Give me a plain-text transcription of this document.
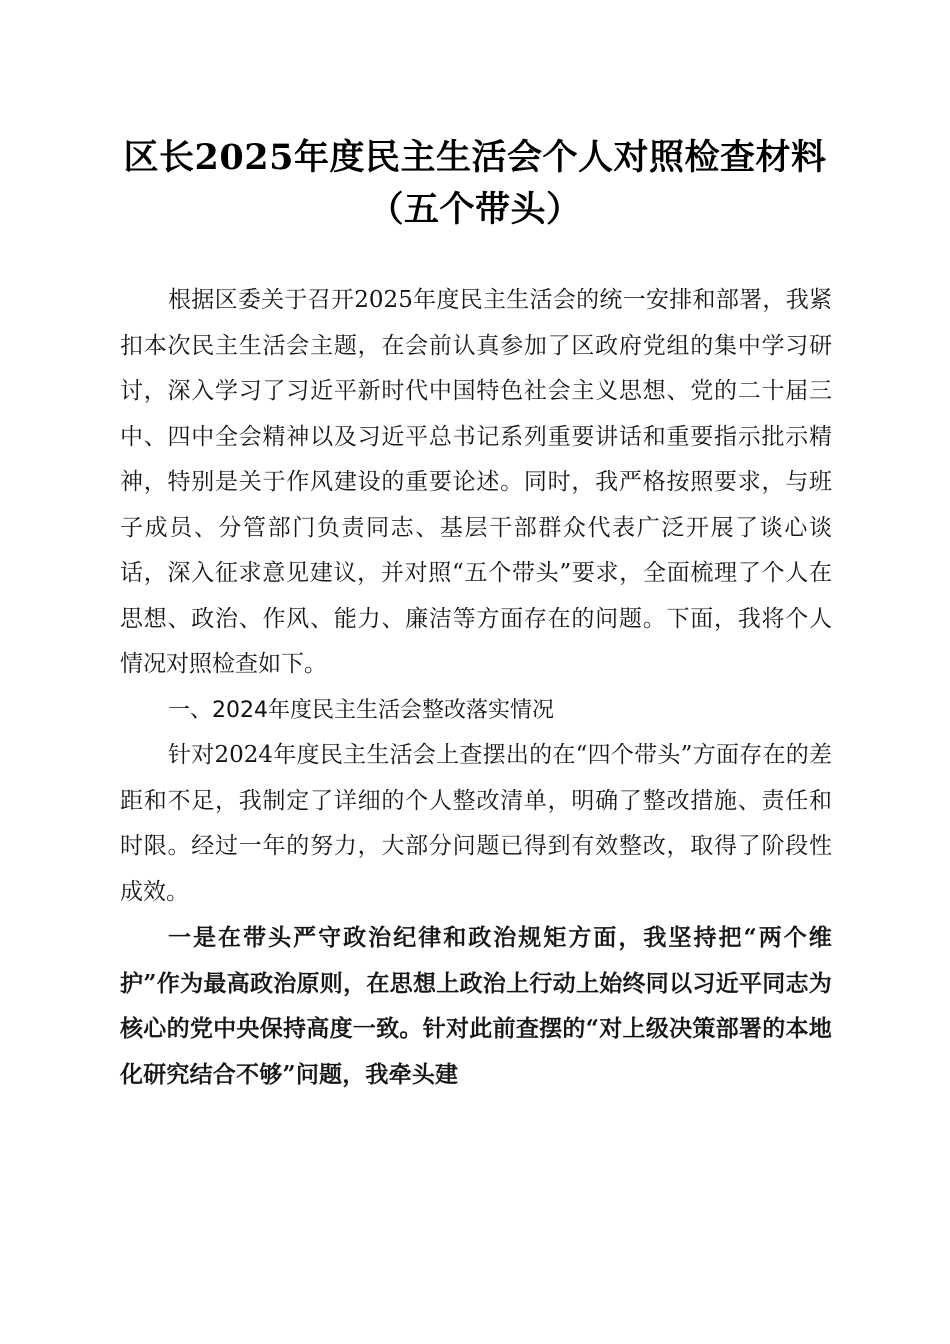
区长2025年度民主生活会个人对照检查材料
（五个带头）

根据区委关于召开2025年度民主生活会的统一安排和部署，我紧扣本次民主生活会主题，在会前认真参加了区政府党组的集中学习研讨，深入学习了习近平新时代中国特色社会主义思想、党的二十届三中、四中全会精神以及习近平总书记系列重要讲话和重要指示批示精神，特别是关于作风建设的重要论述。同时，我严格按照要求，与班子成员、分管部门负责同志、基层干部群众代表广泛开展了谈心谈话，深入征求意见建议，并对照“五个带头”要求，全面梳理了个人在思想、政治、作风、能力、廉洁等方面存在的问题。下面，我将个人情况对照检查如下。

一、2024年度民主生活会整改落实情况

针对2024年度民主生活会上查摆出的在“四个带头”方面存在的差距和不足，我制定了详细的个人整改清单，明确了整改措施、责任和时限。经过一年的努力，大部分问题已得到有效整改，取得了阶段性成效。

一是在带头严守政治纪律和政治规矩方面，我坚持把“两个维护”作为最高政治原则，在思想上政治上行动上始终同以习近平同志为核心的党中央保持高度一致。针对此前查摆的“对上级决策部署的本地化研究结合不够”问题，我牵头建
